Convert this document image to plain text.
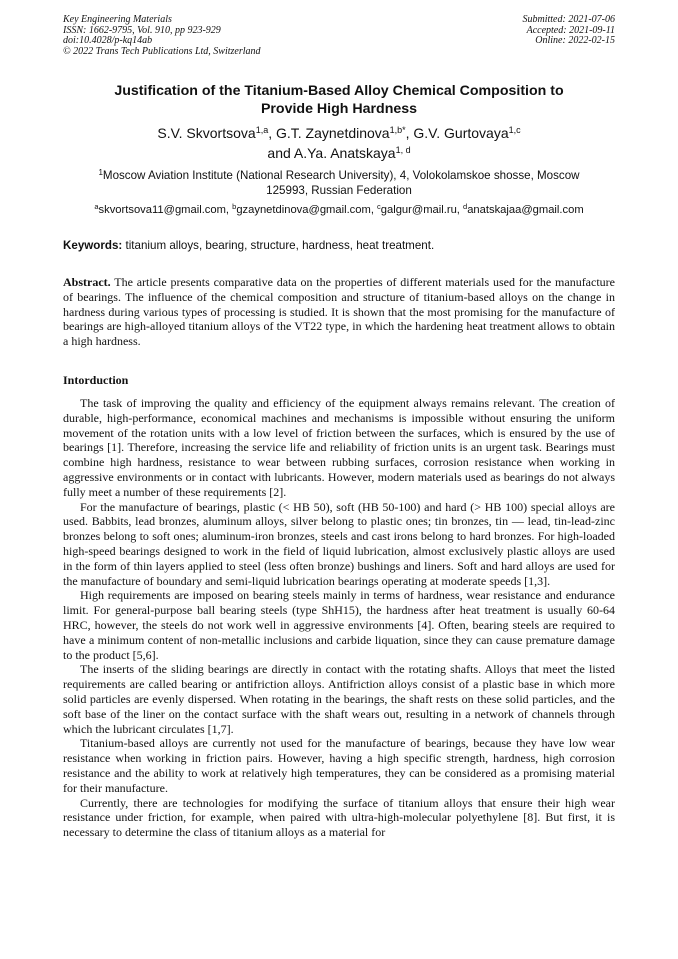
Key Engineering Materials
ISSN: 1662-9795, Vol. 910, pp 923-929
doi:10.4028/p-kq14ab
© 2022 Trans Tech Publications Ltd, Switzerland
Submitted: 2021-07-06
Accepted: 2021-09-11
Online: 2022-02-15
Justification of the Titanium-Based Alloy Chemical Composition to
Provide High Hardness
S.V. Skvortsova$^{1,a}$, G.T. Zaynetdinova$^{1,b*}$, G.V. Gurtovaya$^{1,c}$
and A.Ya. Anatskaya$^{1, d}$
$^1$Moscow Aviation Institute (National Research University), 4, Volokolamskoe shosse, Moscow
125993, Russian Federation
$^a$skvortsova11@gmail.com, $^b$gzaynetdinova@gmail.com, $^c$galgur@mail.ru, $^d$anatskajaa@gmail.com
Keywords: titanium alloys, bearing, structure, hardness, heat treatment.
Abstract. The article presents comparative data on the properties of different materials used for the manufacture of bearings. The influence of the chemical composition and structure of titanium-based alloys on the change in hardness during various types of processing is studied. It is shown that the most promising for the manufacture of bearings are high-alloyed titanium alloys of the VT22 type, in which the hardening heat treatment allows to obtain a high hardness.
Intorduction

The task of improving the quality and efficiency of the equipment always remains relevant. The creation of durable, high-performance, economical machines and mechanisms is impossible without ensuring the uniform movement of the rotation units with a low level of friction between the surfaces, which is ensured by the use of bearings [1]. Therefore, increasing the service life and reliability of friction units is an urgent task. Bearings must combine high hardness, resistance to wear between rubbing surfaces, corrosion resistance when working in aggressive environments or in contact with lubricants. However, modern materials used as bearings do not always fully meet a number of these requirements [2].

For the manufacture of bearings, plastic (< HB 50), soft (HB 50-100) and hard (> HB 100) special alloys are used. Babbits, lead bronzes, aluminum alloys, silver belong to plastic ones; tin bronzes, tin — lead, tin-lead-zinc bronzes belong to soft ones; aluminum-iron bronzes, steels and cast irons belong to hard bronzes. For high-loaded high-speed bearings designed to work in the field of liquid lubrication, almost exclusively plastic alloys are used in the form of thin layers applied to steel (less often bronze) bushings and liners. Soft and hard alloys are used for the manufacture of boundary and semi-liquid lubrication bearings operating at moderate speeds [1,3].

High requirements are imposed on bearing steels mainly in terms of hardness, wear resistance and endurance limit. For general-purpose ball bearing steels (type ShH15), the hardness after heat treatment is usually 60-64 HRC, however, the steels do not work well in aggressive environments [4]. Often, bearing steels are required to have a minimum content of non-metallic inclusions and carbide liquation, since they can cause premature damage to the product [5,6].

The inserts of the sliding bearings are directly in contact with the rotating shafts. Alloys that meet the listed requirements are called bearing or antifriction alloys. Antifriction alloys consist of a plastic base in which more solid particles are evenly dispersed. When rotating in the bearings, the shaft rests on these solid particles, and the soft base of the liner on the contact surface with the shaft wears out, resulting in a network of channels through which the lubricant circulates [1,7].

Titanium-based alloys are currently not used for the manufacture of bearings, because they have low wear resistance when working in friction pairs. However, having a high specific strength, hardness, high corrosion resistance and the ability to work at relatively high temperatures, they can be considered as a promising material for their manufacture.

Currently, there are technologies for modifying the surface of titanium alloys that ensure their high wear resistance under friction, for example, when paired with ultra-high-molecular polyethylene [8]. But first, it is necessary to determine the class of titanium alloys as a material for
